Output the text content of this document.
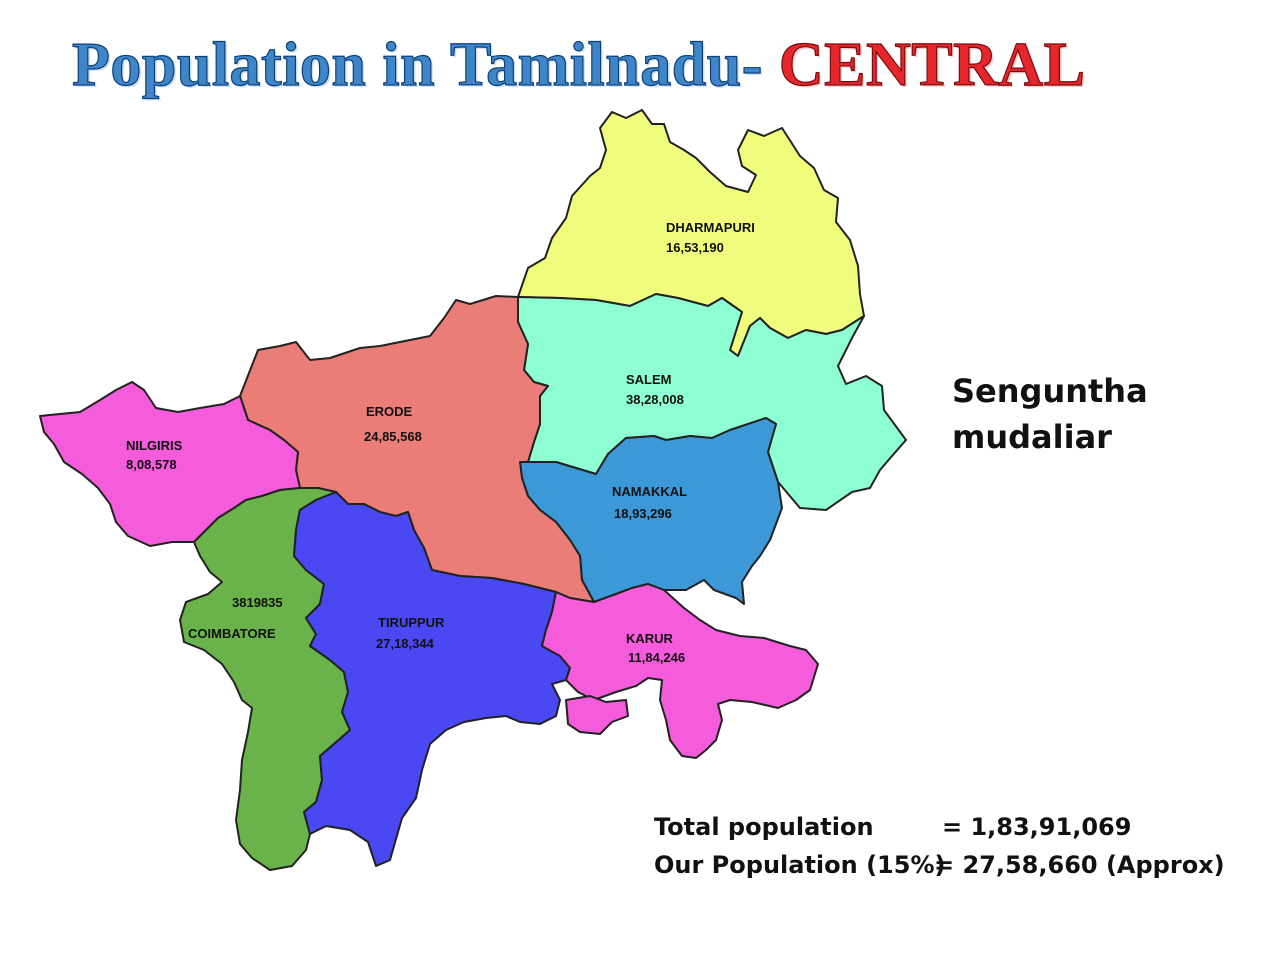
Population in Tamilnadu- CENTRAL
DHARMAPURI
16,53,190
SALEM
38,28,008
ERODE
24,85,568
NILGIRIS
8,08,578
NAMAKKAL
18,93,296
3819835
COIMBATORE
TIRUPPUR
27,18,344	KARUR
11,84,246
Sengunth​a
mudaliar
Total population	= 1,83,91,069
Our Population (15%)
= 27,58,660 (Approx)
